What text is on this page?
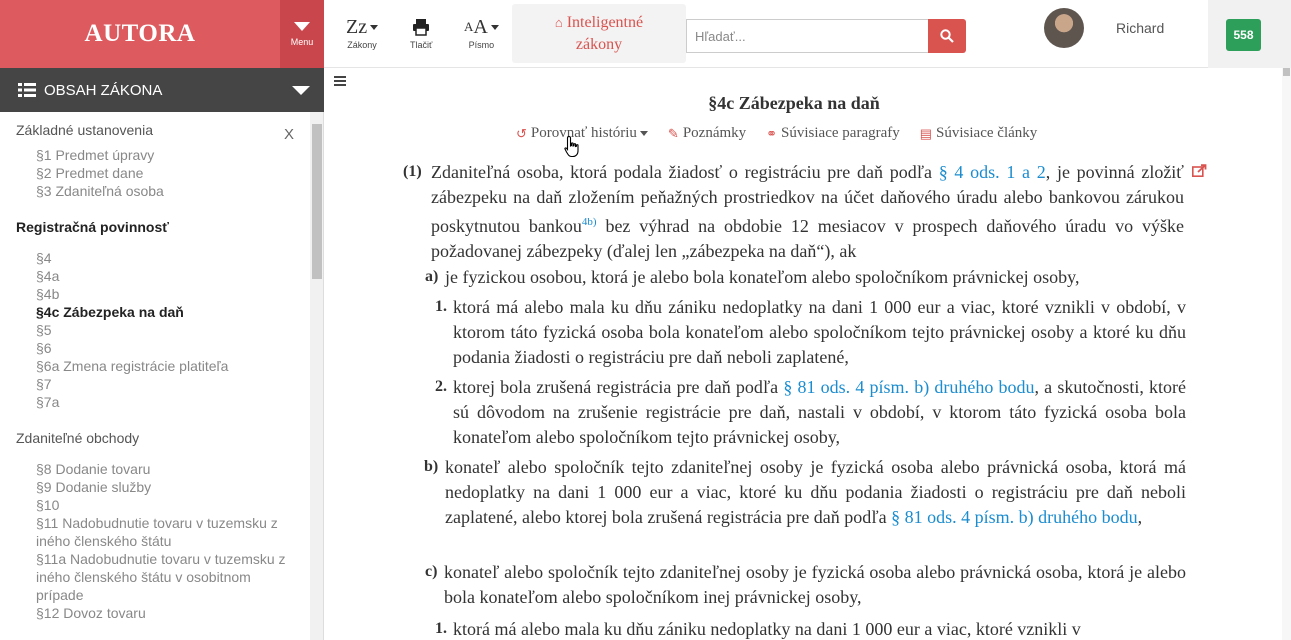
AUTORA	Menu
Zz
Zákony	Tlačiť
A A
Písmo
⌂ Inteligentné
zákony
Hľadať...
Richard	558
OBSAH ZÁKONA
X
Základné ustanovenia
§1 Predmet úpravy
§2 Predmet dane
§3 Zdaniteľná osoba
Registračná povinnosť
§4
§4a
§4b
§4c Zábezpeka na daň
§5
§6
§6a Zmena registrácie platiteľa
§7
§7a
Zdaniteľné obchody
§8 Dodanie tovaru
§9 Dodanie služby
§10
§11 Nadobudnutie tovaru v tuzemsku z iného členského štátu
§11a Nadobudnutie tovaru v tuzemsku z iného členského štátu v osobitnom prípade
§12 Dovoz tovaru
§4c Zábezpeka na daň
↺ Porovnať históriu ✎ Poznámky ⚭ Súvisiace paragrafy ▤ Súvisiace články
(1) Zdaniteľná osoba, ktorá podala žiadosť o registráciu pre daň podľa § 4 ods. 1 a 2, je povinná zložiť zábezpeku na daň zložením peňažných prostriedkov na účet daňového úradu alebo bankovou zárukou poskytnutou bankou$^{4b)}$ bez výhrad na obdobie 12 mesiacov v prospech daňového úradu vo výške požadovanej zábezpeky (ďalej len „zábezpeka na daň“), ak
a) je fyzickou osobou, ktorá je alebo bola konateľom alebo spoločníkom právnickej osoby,
1. ktorá má alebo mala ku dňu zániku nedoplatky na dani 1 000 eur a viac, ktoré vznikli v období, v ktorom táto fyzická osoba bola konateľom alebo spoločníkom tejto právnickej osoby a ktoré ku dňu podania žiadosti o registráciu pre daň neboli zaplatené,
2. ktorej bola zrušená registrácia pre daň podľa § 81 ods. 4 písm. b) druhého bodu, a skutočnosti, ktoré sú dôvodom na zrušenie registrácie pre daň, nastali v období, v ktorom táto fyzická osoba bola konateľom alebo spoločníkom tejto právnickej osoby,
b) konateľ alebo spoločník tejto zdaniteľnej osoby je fyzická osoba alebo právnická osoba, ktorá má nedoplatky na dani 1 000 eur a viac, ktoré ku dňu podania žiadosti o registráciu pre daň neboli zaplatené, alebo ktorej bola zrušená registrácia pre daň podľa § 81 ods. 4 písm. b) druhého bodu,
c) konateľ alebo spoločník tejto zdaniteľnej osoby je fyzická osoba alebo právnická osoba, ktorá je alebo bola konateľom alebo spoločníkom inej právnickej osoby,
1. ktorá má alebo mala ku dňu zániku nedoplatky na dani 1 000 eur a viac, ktoré vznikli v
